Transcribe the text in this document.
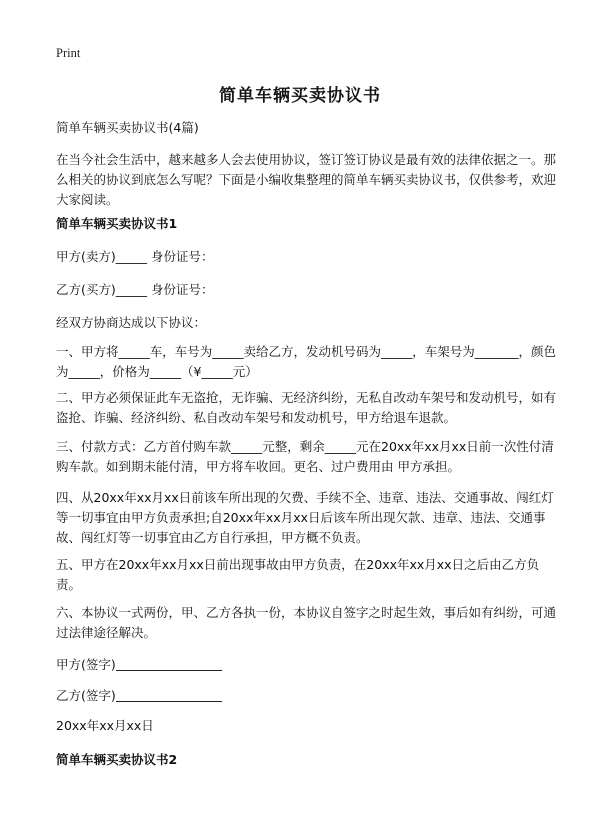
Print
简单车辆买卖协议书

简单车辆买卖协议书(4篇)

在当今社会生活中，越来越多人会去使用协议，签订签订协议是最有效的法律依据之一。那么相关的协议到底怎么写呢？下面是小编收集整理的简单车辆买卖协议书，仅供参考，欢迎大家阅读。

简单车辆买卖协议书1

甲方(卖方)_____ 身份证号：

乙方(买方)_____ 身份证号：

经双方协商达成以下协议：

一、甲方将_____车，车号为_____卖给乙方，发动机号码为_____，车架号为_______，颜色为_____，价格为_____（¥_____元）

二、甲方必须保证此车无盗抢，无诈骗、无经济纠纷，无私自改动车架号和发动机号，如有盗抢、诈骗、经济纠纷、私自改动车架号和发动机号，甲方给退车退款。

三、付款方式：乙方首付购车款_____元整，剩余_____元在20xx年xx月xx日前一次性付清购车款。如到期未能付清，甲方将车收回。更名、过户费用由 甲方承担。

四、从20xx年xx月xx日前该车所出现的欠费、手续不全、违章、违法、交通事故、闯红灯等一切事宜由甲方负责承担;自20xx年xx月xx日后该车所出现欠款、违章、违法、交通事故、闯红灯等一切事宜由乙方自行承担，甲方概不负责。

五、甲方在20xx年xx月xx日前出现事故由甲方负责，在20xx年xx月xx日之后由乙方负责。

六、本协议一式两份，甲、乙方各执一份，本协议自签字之时起生效，事后如有纠纷，可通过法律途径解决。

甲方(签字)

乙方(签字)

20xx年xx月xx日

简单车辆买卖协议书2
